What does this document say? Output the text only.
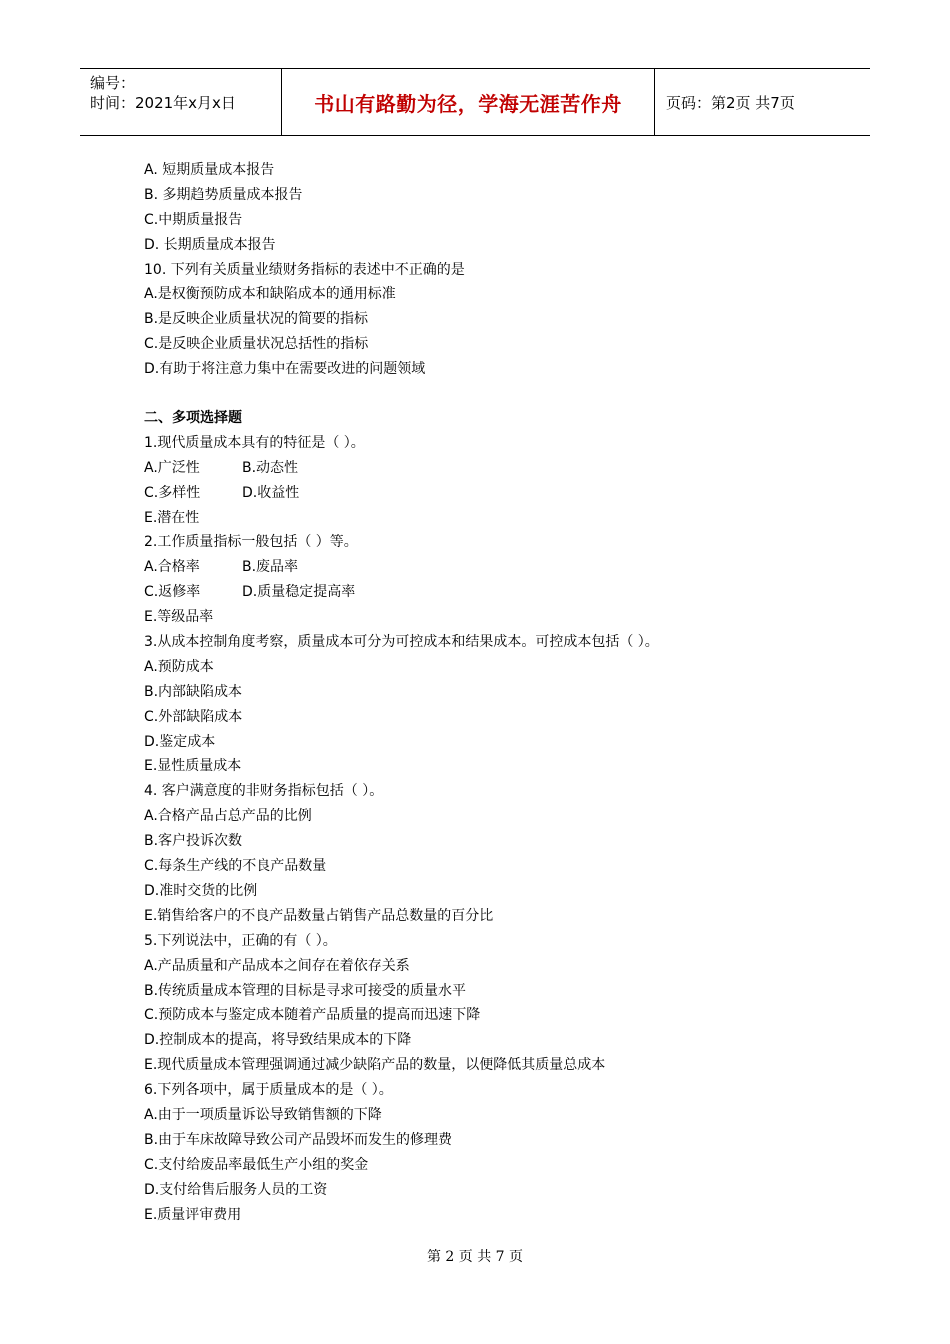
编号：
时间：2021年x月x日	书山有路勤为径，学海无涯苦作舟	页码：第2页 共7页
A. 短期质量成本报告
B. 多期趋势质量成本报告
C.中期质量报告
D. 长期质量成本报告
10. 下列有关质量业绩财务指标的表述中不正确的是
A.是权衡预防成本和缺陷成本的通用标准
B.是反映企业质量状况的简要的指标
C.是反映企业质量状况总括性的指标
D.有助于将注意力集中在需要改进的问题领域
二、多项选择题
1.现代质量成本具有的特征是（ ）。
A.广泛性	B.动态性
C.多样性	D.收益性
E.潜在性
2.工作质量指标一般包括（ ）等。
A.合格率	B.废品率
C.返修率	D.质量稳定提高率
E.等级品率
3.从成本控制角度考察，质量成本可分为可控成本和结果成本。可控成本包括（ ）。
A.预防成本
B.内部缺陷成本
C.外部缺陷成本
D.鉴定成本
E.显性质量成本
4. 客户满意度的非财务指标包括（ ）。
A.合格产品占总产品的比例
B.客户投诉次数
C.每条生产线的不良产品数量
D.准时交货的比例
E.销售给客户的不良产品数量占销售产品总数量的百分比
5.下列说法中，正确的有（ ）。
A.产品质量和产品成本之间存在着依存关系
B.传统质量成本管理的目标是寻求可接受的质量水平
C.预防成本与鉴定成本随着产品质量的提高而迅速下降
D.控制成本的提高，将导致结果成本的下降
E.现代质量成本管理强调通过减少缺陷产品的数量，以便降低其质量总成本
6.下列各项中，属于质量成本的是（ ）。
A.由于一项质量诉讼导致销售额的下降
B.由于车床故障导致公司产品毁坏而发生的修理费
C.支付给废品率最低生产小组的奖金
D.支付给售后服务人员的工资
E.质量评审费用
第 2 页 共 7 页
